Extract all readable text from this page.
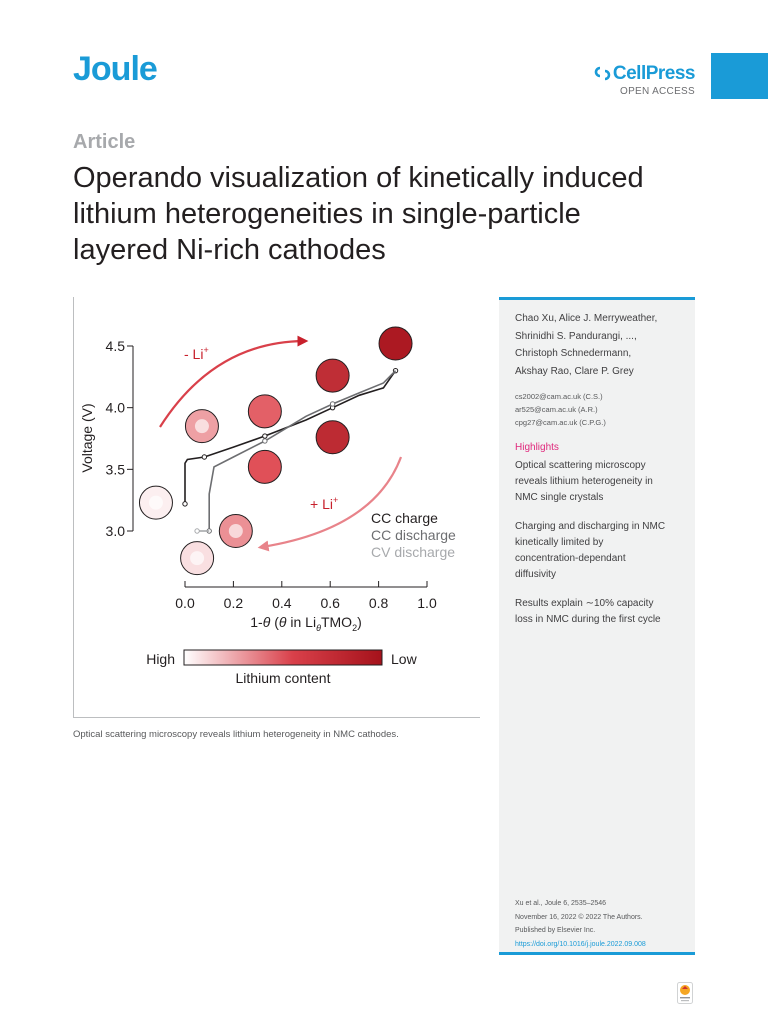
Joule	CellPress
OPEN ACCESS
Article
Operando visualization of kinetically induced
lithium heterogeneities in single-particle
layered Ni-rich cathodes
- Li+
+ Li+
3.0
3.5
4.0
4.5
0.0 0.2 0.4 0.6 0.8 1.0
Voltage (V)
1-θ (θ in $Li_\theta TMO_2$)
CC charge
CC discharge
CV discharge
High	Low
Lithium content
Optical scattering microscopy reveals lithium heterogeneity in NMC cathodes.
Chao Xu, Alice J. Merryweather,
Shrinidhi S. Pandurangi, ...,
Christoph Schnedermann,
Akshay Rao, Clare P. Grey
cs2002@cam.ac.uk (C.S.)
ar525@cam.ac.uk (A.R.)
cpg27@cam.ac.uk (C.P.G.)
Highlights
Optical scattering microscopy
reveals lithium heterogeneity in
NMC single crystals
Charging and discharging in NMC
kinetically limited by
concentration-dependant
diffusivity
Results explain ∼10% capacity
loss in NMC during the first cycle
Xu et al., Joule 6, 2535–2546
November 16, 2022 © 2022 The Authors.
Published by Elsevier Inc.
https://doi.org/10.1016/j.joule.2022.09.008
